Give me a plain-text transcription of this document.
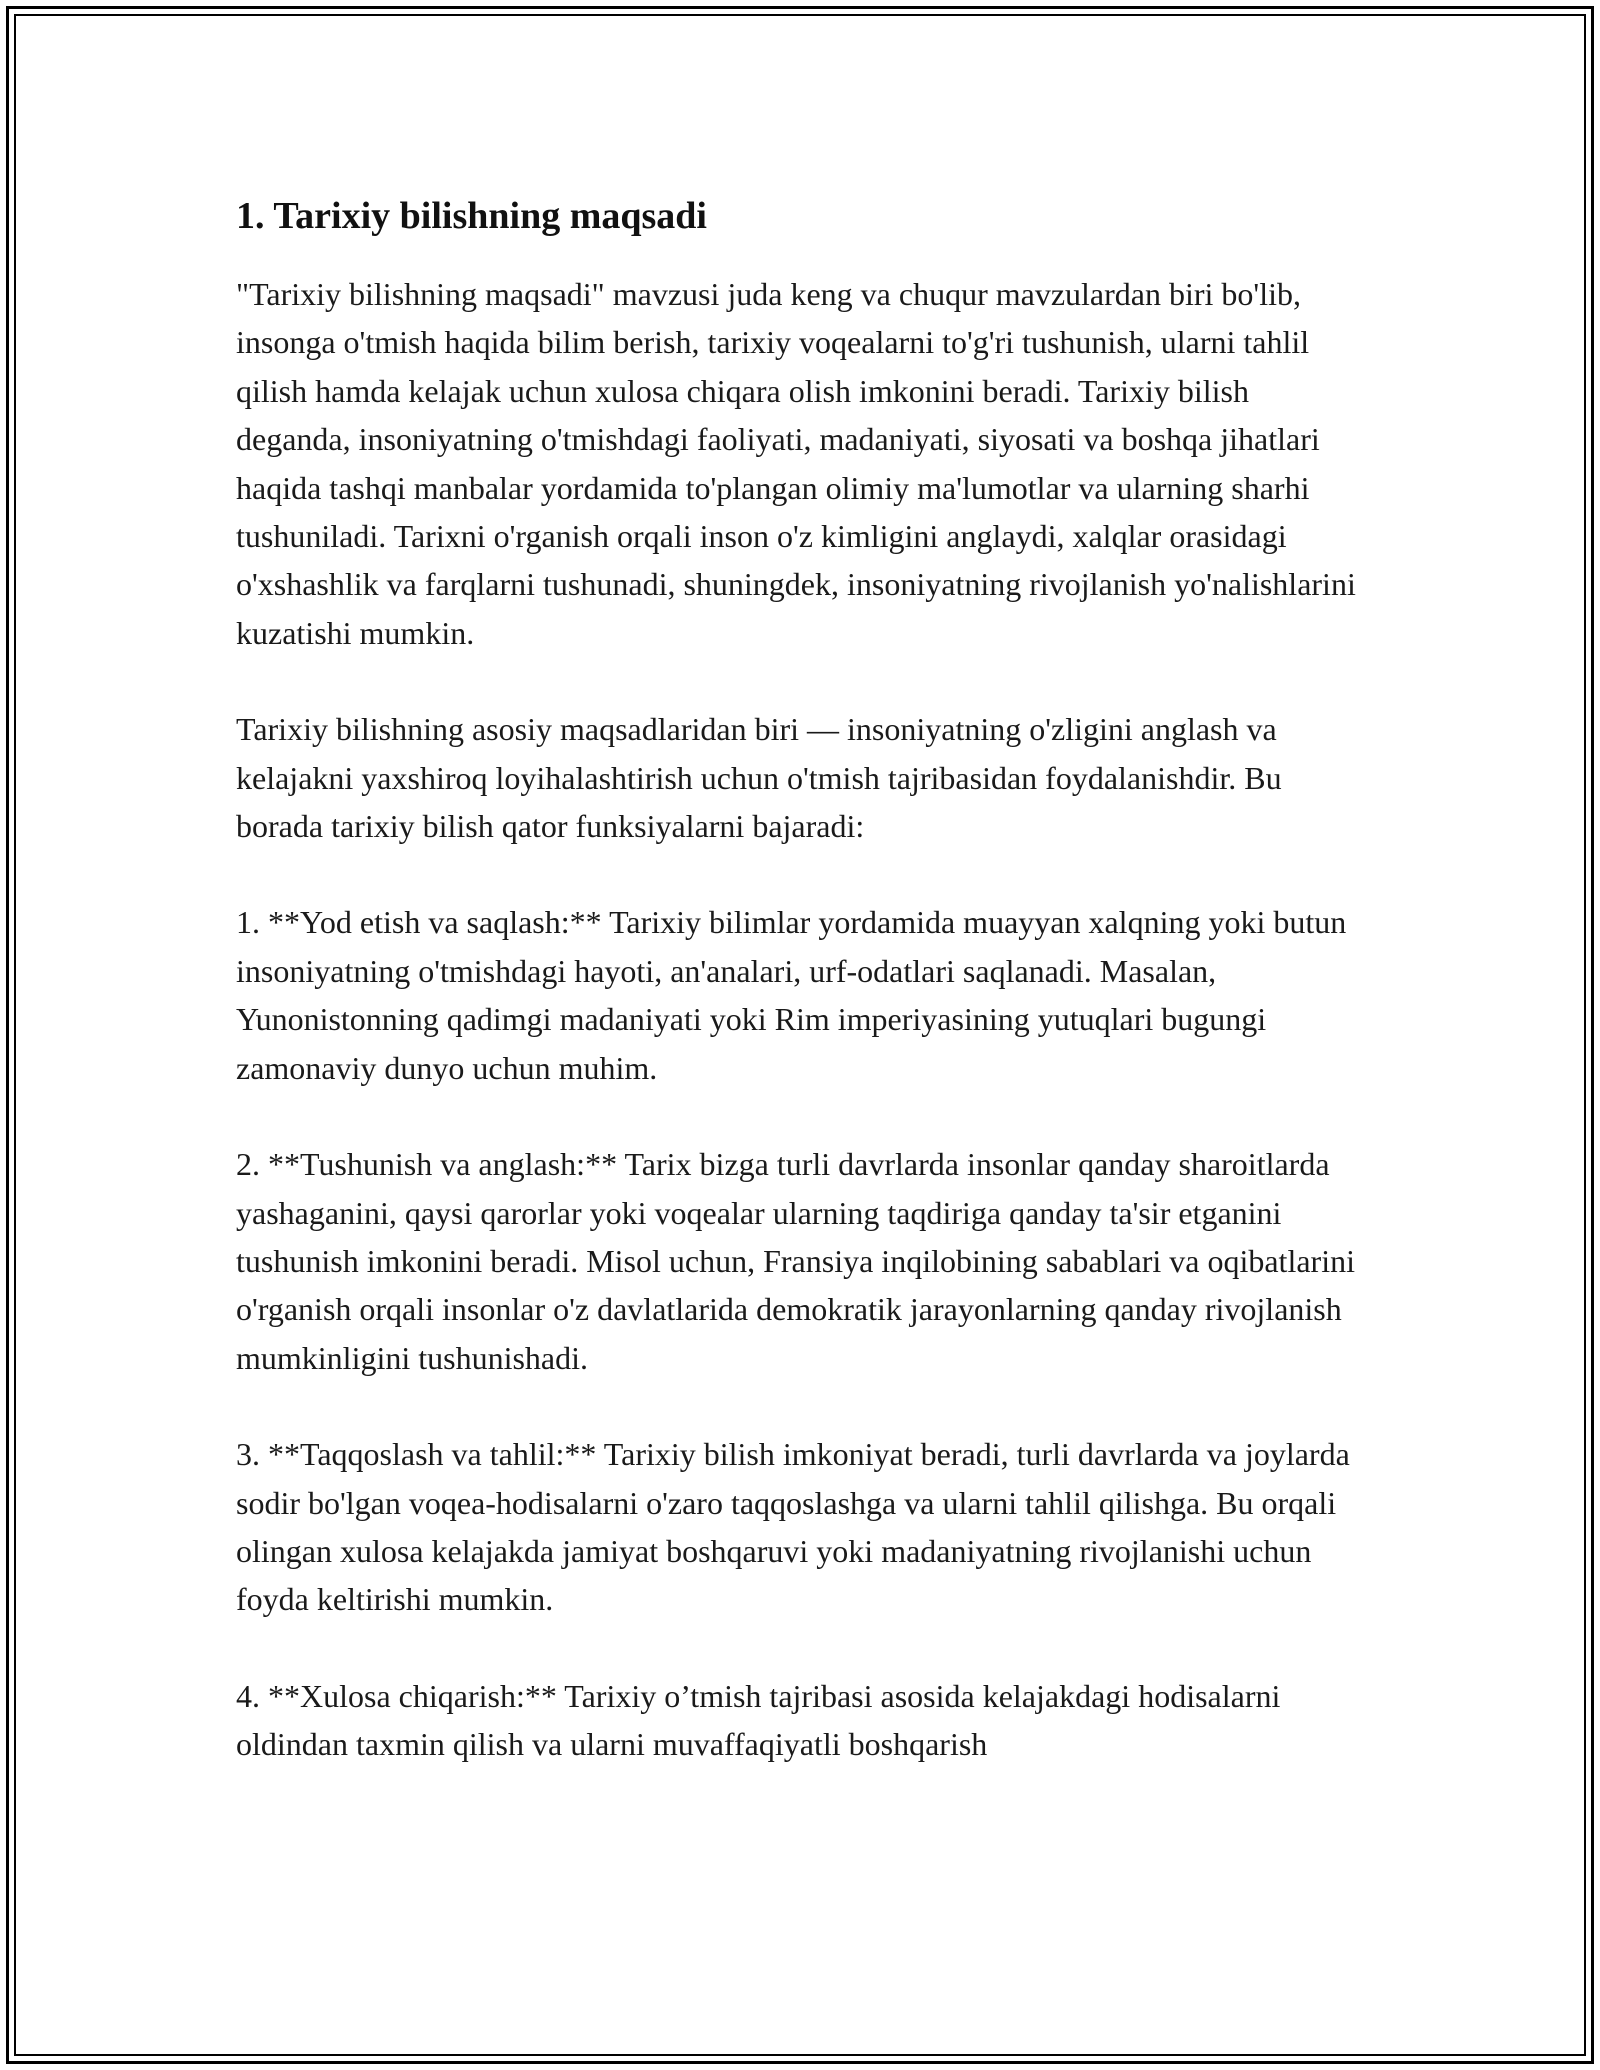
1. Tarixiy bilishning maqsadi

"Tarixiy bilishning maqsadi" mavzusi juda keng va chuqur mavzulardan biri bo'lib, insonga o'tmish haqida bilim berish, tarixiy voqealarni to'g'ri tushunish, ularni tahlil qilish hamda kelajak uchun xulosa chiqara olish imkonini beradi. Tarixiy bilish deganda, insoniyatning o'tmishdagi faoliyati, madaniyati, siyosati va boshqa jihatlari haqida tashqi manbalar yordamida to'plangan olimiy ma'lumotlar va ularning sharhi tushuniladi. Tarixni o'rganish orqali inson o'z kimligini anglaydi, xalqlar orasidagi o'xshashlik va farqlarni tushunadi, shuningdek, insoniyatning rivojlanish yo'nalishlarini kuzatishi mumkin.

Tarixiy bilishning asosiy maqsadlaridan biri — insoniyatning o'zligini anglash va kelajakni yaxshiroq loyihalashtirish uchun o'tmish tajribasidan foydalanishdir. Bu borada tarixiy bilish qator funksiyalarni bajaradi:

1. **Yod etish va saqlash:** Tarixiy bilimlar yordamida muayyan xalqning yoki butun insoniyatning o'tmishdagi hayoti, an'analari, urf-odatlari saqlanadi. Masalan, Yunonistonning qadimgi madaniyati yoki Rim imperiyasining yutuqlari bugungi zamonaviy dunyo uchun muhim.

2. **Tushunish va anglash:** Tarix bizga turli davrlarda insonlar qanday sharoitlarda yashaganini, qaysi qarorlar yoki voqealar ularning taqdiriga qanday ta'sir etganini tushunish imkonini beradi. Misol uchun, Fransiya inqilobining sabablari va oqibatlarini o'rganish orqali insonlar o'z davlatlarida demokratik jarayonlarning qanday rivojlanish mumkinligini tushunishadi.

3. **Taqqoslash va tahlil:** Tarixiy bilish imkoniyat beradi, turli davrlarda va joylarda sodir bo'lgan voqea-hodisalarni o'zaro taqqoslashga va ularni tahlil qilishga. Bu orqali olingan xulosa kelajakda jamiyat boshqaruvi yoki madaniyatning rivojlanishi uchun foyda keltirishi mumkin.

4. **Xulosa chiqarish:** Tarixiy o’tmish tajribasi asosida kelajakdagi hodisalarni oldindan taxmin qilish va ularni muvaffaqiyatli boshqarish
